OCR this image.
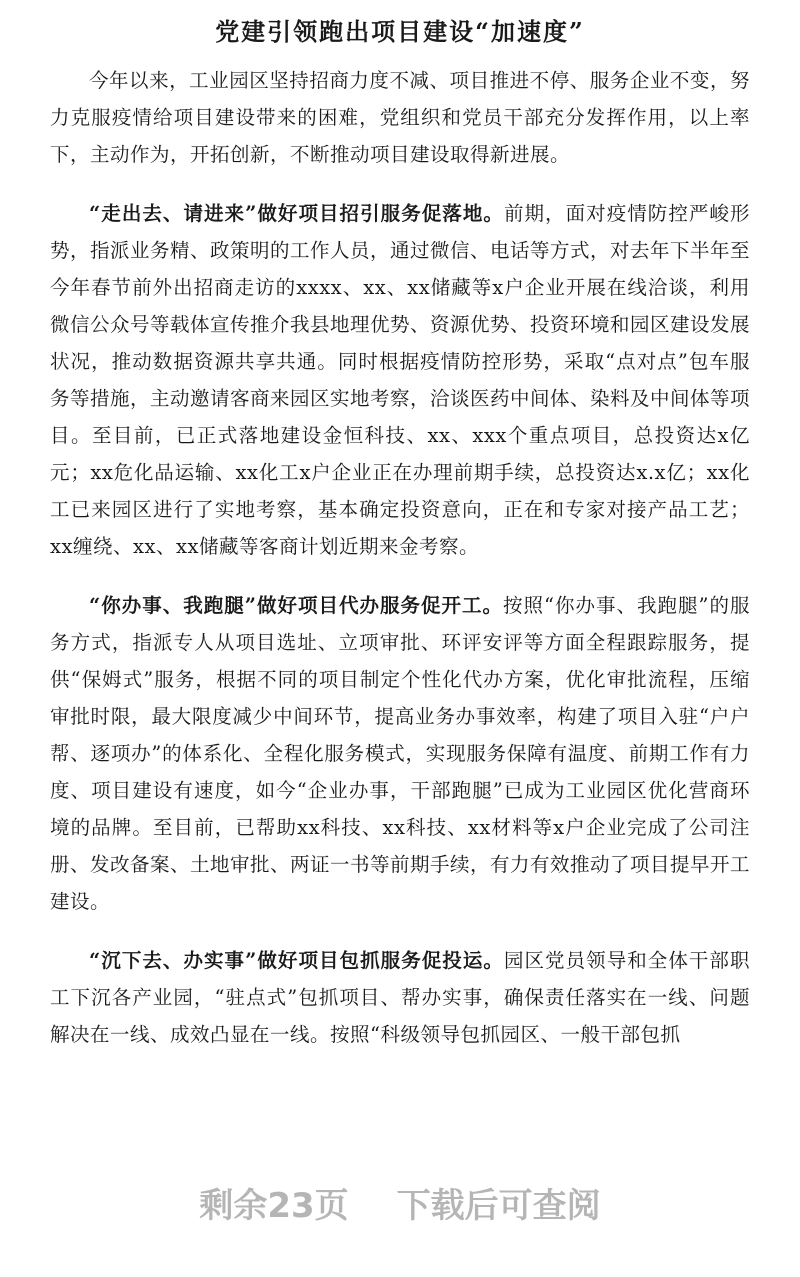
党建引领跑出项目建设“加速度”

今年以来，工业园区坚持招商力度不减、项目推进不停、服务企业不变，努力克服疫情给项目建设带来的困难，党组织和党员干部充分发挥作用，以上率下，主动作为，开拓创新，不断推动项目建设取得新进展。

“走出去、请进来”做好项目招引服务促落地。前期，面对疫情防控严峻形势，指派业务精、政策明的工作人员，通过微信、电话等方式，对去年下半年至今年春节前外出招商走访的xxxx、xx、xx储藏等x户企业开展在线洽谈，利用微信公众号等载体宣传推介我县地理优势、资源优势、投资环境和园区建设发展状况，推动数据资源共享共通。同时根据疫情防控形势，采取“点对点”包车服务等措施，主动邀请客商来园区实地考察，洽谈医药中间体、染料及中间体等项目。至目前，已正式落地建设金恒科技、xx、xxx个重点项目，总投资达x亿元；xx危化品运输、xx化工x户企业正在办理前期手续，总投资达x.x亿；xx化工已来园区进行了实地考察，基本确定投资意向，正在和专家对接产品工艺；xx缠绕、xx、xx储藏等客商计划近期来金考察。

“你办事、我跑腿”做好项目代办服务促开工。按照“你办事、我跑腿”的服务方式，指派专人从项目选址、立项审批、环评安评等方面全程跟踪服务，提供“保姆式”服务，根据不同的项目制定个性化代办方案，优化审批流程，压缩审批时限，最大限度减少中间环节，提高业务办事效率，构建了项目入驻“户户帮、逐项办”的体系化、全程化服务模式，实现服务保障有温度、前期工作有力度、项目建设有速度，如今“企业办事，干部跑腿”已成为工业园区优化营商环境的品牌。至目前，已帮助xx科技、xx科技、xx材料等x户企业完成了公司注册、发改备案、土地审批、两证一书等前期手续，有力有效推动了项目提早开工建设。

“沉下去、办实事”做好项目包抓服务促投运。园区党员领导和全体干部职工下沉各产业园，“驻点式”包抓项目、帮办实事，确保责任落实在一线、问题解决在一线、成效凸显在一线。按照“科级领导包抓园区、一般干部包抓

剩余23页 下载后可查阅
